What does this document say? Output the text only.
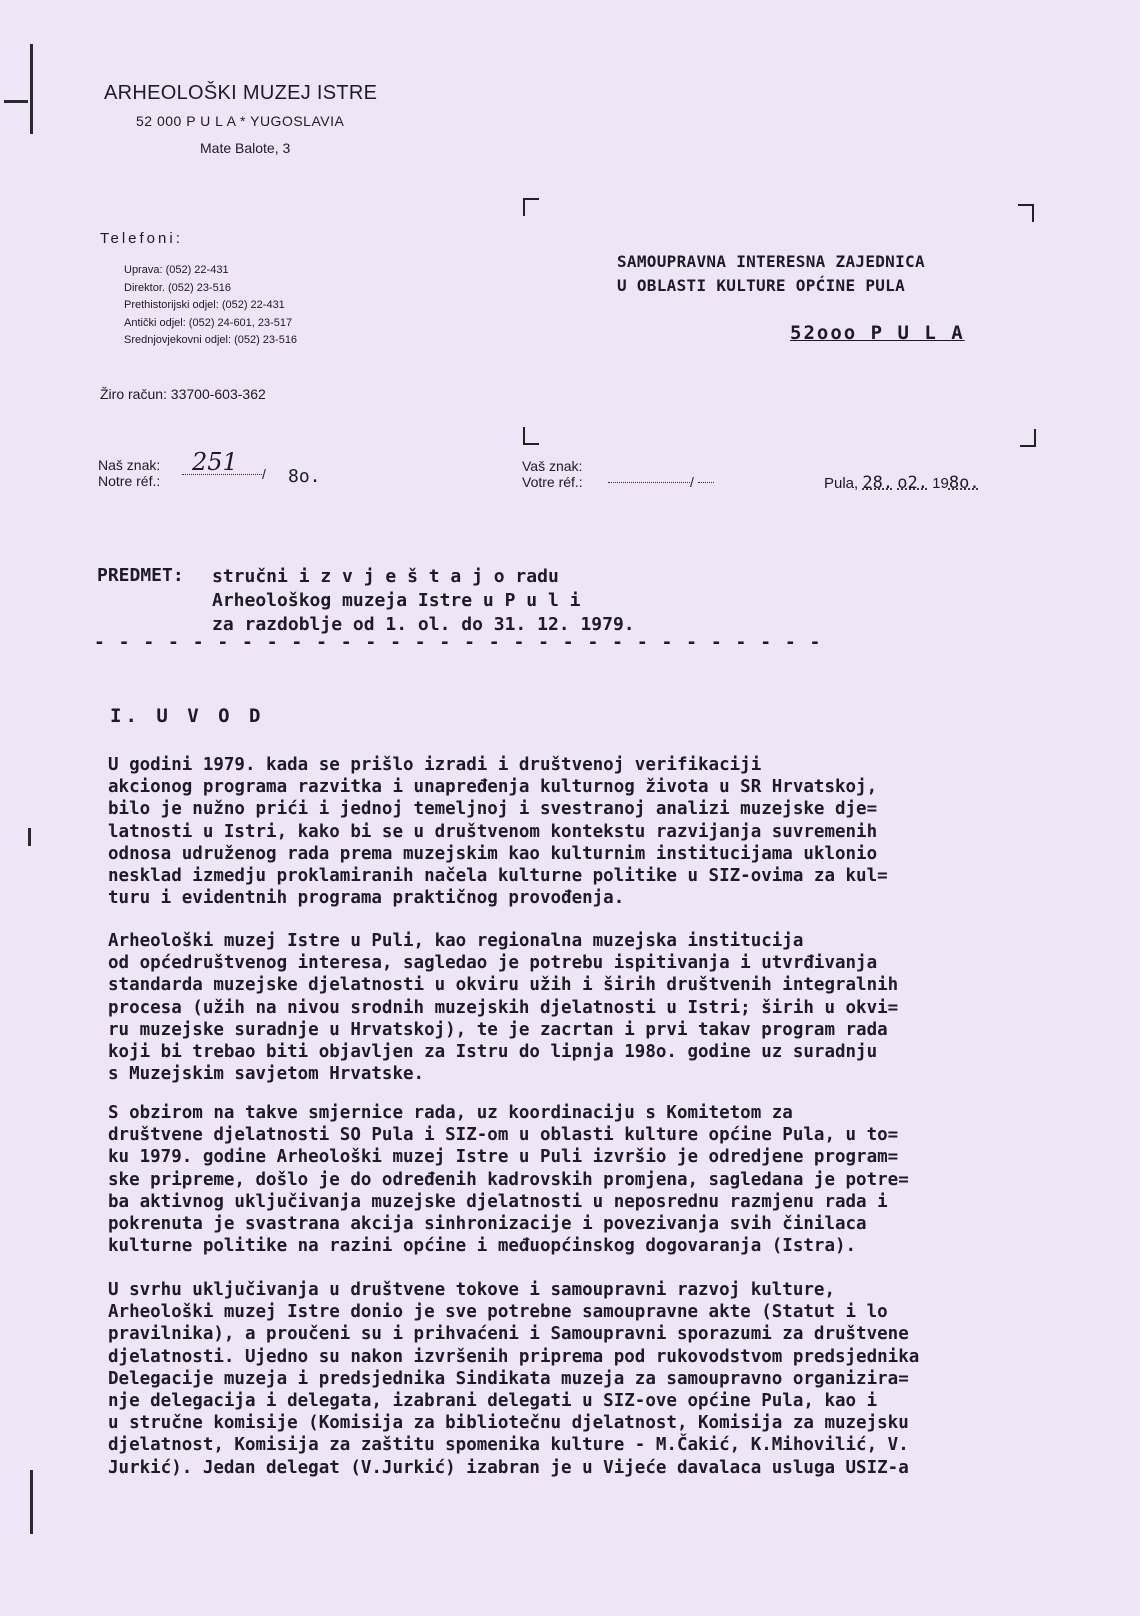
ARHEOLOŠKI MUZEJ ISTRE
52 000 P U L A * YUGOSLAVIA
Mate Balote, 3
Telefoni:
Uprava: (052) 22-431
Direktor. (052) 23-516
Prethistorijski odjel: (052) 22-431
Antički odjel: (052) 24-601, 23-517
Srednjovjekovni odjel: (052) 23-516
Žiro račun: 33700-603-362
SAMOUPRAVNA INTERESNA ZAJEDNICA
U OBLASTI KULTURE OPĆINE PULA
52ooo P U L A
Naš znak:
Notre réf.:
251 / 8o.	Vaš znak:
Votre réf.:	/	Pula, 28. o2. 198o.
PREDMET: stručni i z v j e š t a j o radu
Arheološkog muzeja Istre u P u l i
za razdoblje od 1. ol. do 31. 12. 1979.
- - - - - - - - - - - - - - - - - - - - - - - - - - - - - -
I. U V O D
U godini 1979. kada se prišlo izradi i društvenoj verifikaciji
akcionog programa razvitka i unapređenja kulturnog života u SR Hrvatskoj,
bilo je nužno prići i jednoj temeljnoj i svestranoj analizi muzejske dje=
latnosti u Istri, kako bi se u društvenom kontekstu razvijanja suvremenih
odnosa udruženog rada prema muzejskim kao kulturnim institucijama uklonio
nesklad izmedju proklamiranih načela kulturne politike u SIZ-ovima za kul=
turu i evidentnih programa praktičnog provođenja.
Arheološki muzej Istre u Puli, kao regionalna muzejska institucija
od općedruštvenog interesa, sagledao je potrebu ispitivanja i utvrđivanja
standarda muzejske djelatnosti u okviru užih i širih društvenih integralnih
procesa (užih na nivou srodnih muzejskih djelatnosti u Istri; širih u okvi=
ru muzejske suradnje u Hrvatskoj), te je zacrtan i prvi takav program rada
koji bi trebao biti objavljen za Istru do lipnja 198o. godine uz suradnju
s Muzejskim savjetom Hrvatske.
S obzirom na takve smjernice rada, uz koordinaciju s Komitetom za
društvene djelatnosti SO Pula i SIZ-om u oblasti kulture općine Pula, u to=
ku 1979. godine Arheološki muzej Istre u Puli izvršio je odredjene program=
ske pripreme, došlo je do određenih kadrovskih promjena, sagledana je potre=
ba aktivnog uključivanja muzejske djelatnosti u neposrednu razmjenu rada i
pokrenuta je svastrana akcija sinhronizacije i povezivanja svih činilaca
kulturne politike na razini općine i međuopćinskog dogovaranja (Istra).
U svrhu uključivanja u društvene tokove i samoupravni razvoj kulture,
Arheološki muzej Istre donio je sve potrebne samoupravne akte (Statut i lo
pravilnika), a proučeni su i prihvaćeni i Samoupravni sporazumi za društvene
djelatnosti. Ujedno su nakon izvršenih priprema pod rukovodstvom predsjednika
Delegacije muzeja i predsjednika Sindikata muzeja za samoupravno organizira=
nje delegacija i delegata, izabrani delegati u SIZ-ove općine Pula, kao i
u stručne komisije (Komisija za bibliotečnu djelatnost, Komisija za muzejsku
djelatnost, Komisija za zaštitu spomenika kulture - M.Čakić, K.Mihovilić, V.
Jurkić). Jedan delegat (V.Jurkić) izabran je u Vijeće davalaca usluga USIZ-a
